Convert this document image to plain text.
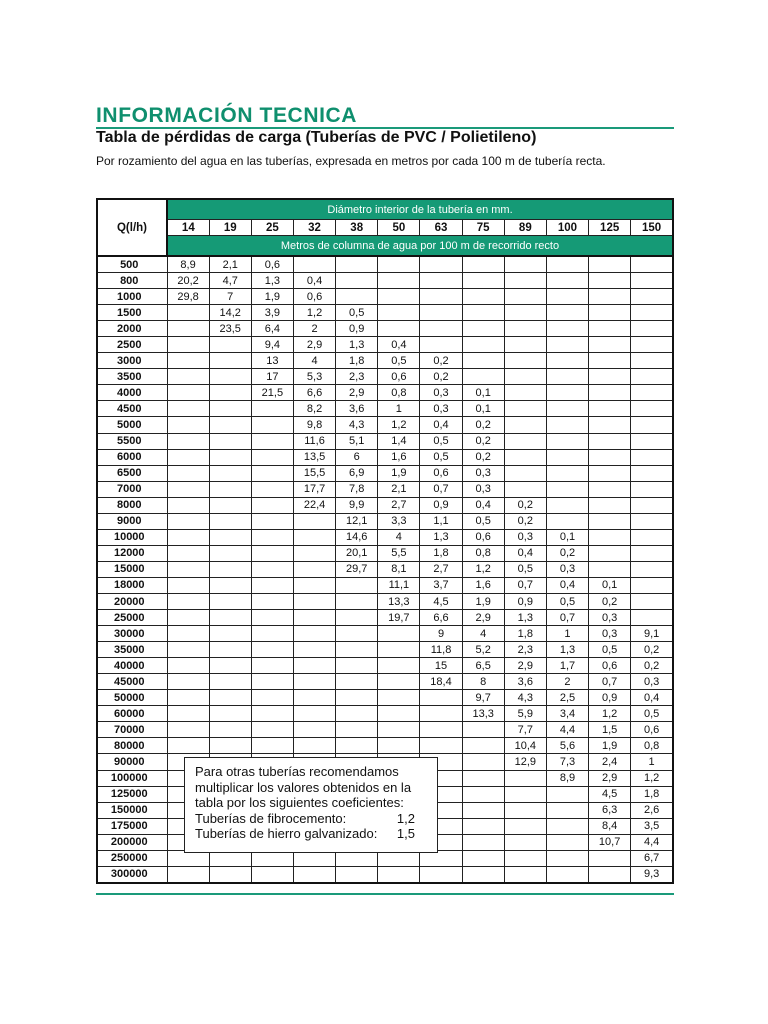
INFORMACIÓN TECNICA
Tabla de pérdidas de carga (Tuberías de PVC / Polietileno)
Por rozamiento del agua en las tuberías, expresada en metros por cada 100 m de tubería recta.
Q(l/h)	Diámetro interior de la tubería en mm.											
	14	19	25	32	38	50	63	75	89	100	125	150
	Metros de columna de agua por 100 m de recorrido recto											
500	8,9	2,1	0,6									
800	20,2	4,7	1,3	0,4								
1000	29,8	7	1,9	0,6								
1500		14,2	3,9	1,2	0,5							
2000		23,5	6,4	2	0,9							
2500			9,4	2,9	1,3	0,4						
3000			13	4	1,8	0,5	0,2					
3500			17	5,3	2,3	0,6	0,2					
4000			21,5	6,6	2,9	0,8	0,3	0,1				
4500				8,2	3,6	1	0,3	0,1				
5000				9,8	4,3	1,2	0,4	0,2				
5500				11,6	5,1	1,4	0,5	0,2				
6000				13,5	6	1,6	0,5	0,2				
6500				15,5	6,9	1,9	0,6	0,3				
7000				17,7	7,8	2,1	0,7	0,3				
8000				22,4	9,9	2,7	0,9	0,4	0,2			
9000					12,1	3,3	1,1	0,5	0,2			
10000					14,6	4	1,3	0,6	0,3	0,1		
12000					20,1	5,5	1,8	0,8	0,4	0,2		
15000					29,7	8,1	2,7	1,2	0,5	0,3		
18000						11,1	3,7	1,6	0,7	0,4	0,1	
20000						13,3	4,5	1,9	0,9	0,5	0,2	
25000						19,7	6,6	2,9	1,3	0,7	0,3	
30000							9	4	1,8	1	0,3	9,1
35000							11,8	5,2	2,3	1,3	0,5	0,2
40000							15	6,5	2,9	1,7	0,6	0,2
45000							18,4	8	3,6	2	0,7	0,3
50000								9,7	4,3	2,5	0,9	0,4
60000								13,3	5,9	3,4	1,2	0,5
70000									7,7	4,4	1,5	0,6
80000									10,4	5,6	1,9	0,8
90000									12,9	7,3	2,4	1
100000										8,9	2,9	1,2
125000											4,5	1,8
150000											6,3	2,6
175000											8,4	3,5
200000											10,7	4,4
250000												6,7
300000												9,3
Para otras tuberías recomendamos
multiplicar los valores obtenidos en la
tabla por los siguientes coeficientes:
Tuberías de fibrocemento:	1,2
Tuberías de hierro galvanizado: 1,5
